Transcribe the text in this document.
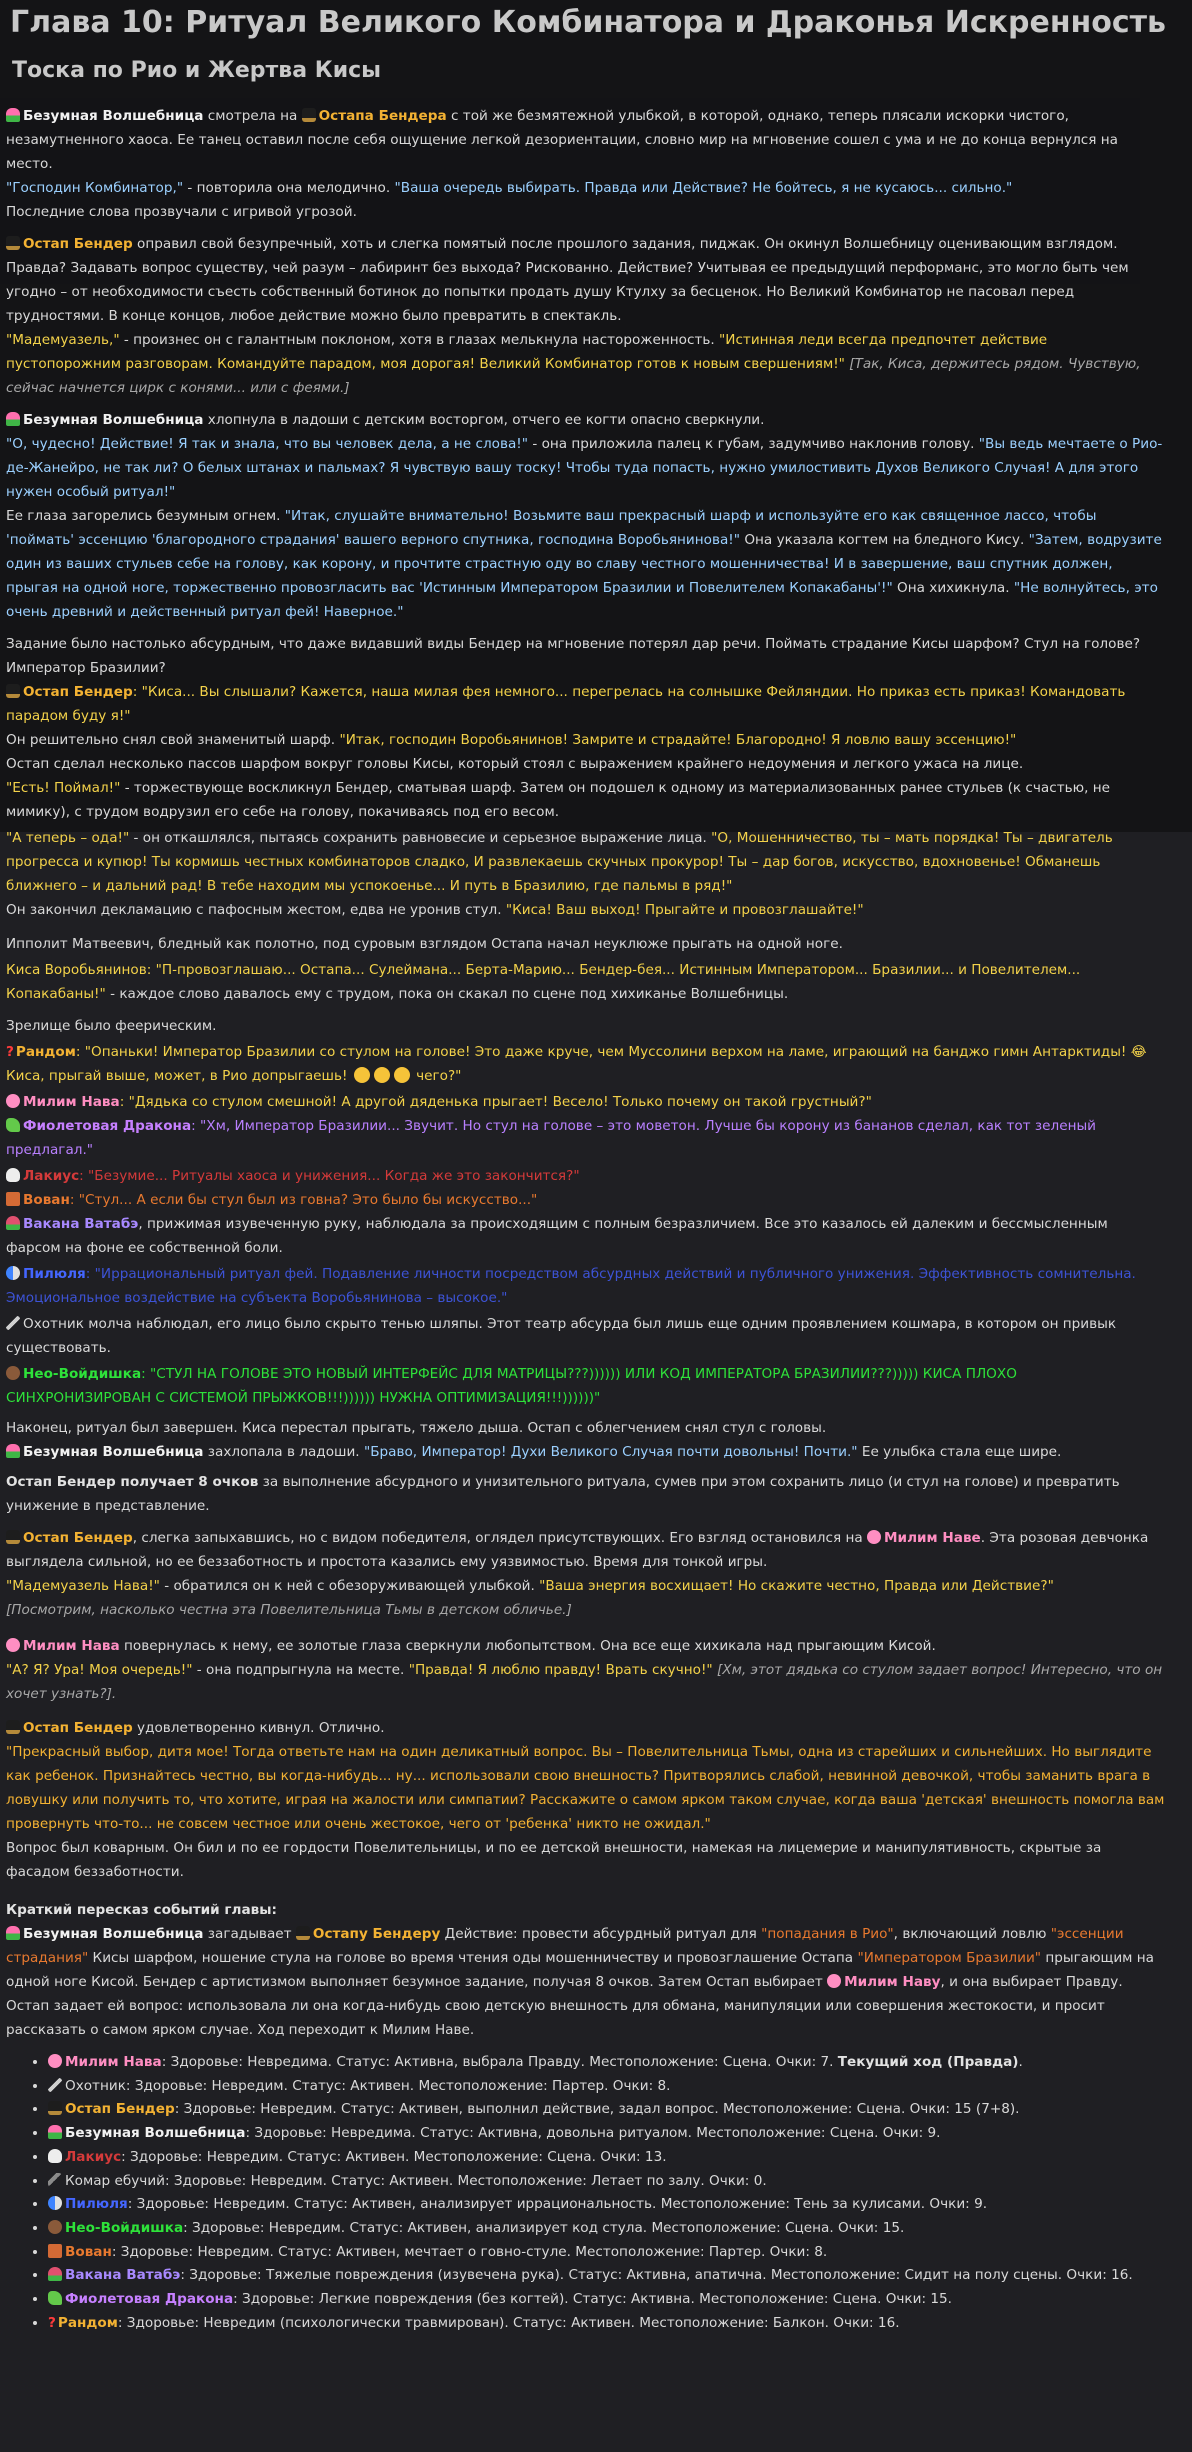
Глава 10: Ритуал Великого Комбинатора и Драконья Искренность
Тоска по Рио и Жертва Кисы

Безумная Волшебница смотрела на Остапа Бендера с той же безмятежной улыбкой, в которой, однако, теперь плясали искорки чистого, незамутненного хаоса. Ее танец оставил после себя ощущение легкой дезориентации, словно мир на мгновение сошел с ума и не до конца вернулся на место.
"Господин Комбинатор," - повторила она мелодично. "Ваша очередь выбирать. Правда или Действие? Не бойтесь, я не кусаюсь... сильно."
Последние слова прозвучали с игривой угрозой.

Остап Бендер оправил свой безупречный, хоть и слегка помятый после прошлого задания, пиджак. Он окинул Волшебницу оценивающим взглядом. Правда? Задавать вопрос существу, чей разум – лабиринт без выхода? Рискованно. Действие? Учитывая ее предыдущий перформанс, это могло быть чем угодно – от необходимости съесть собственный ботинок до попытки продать душу Ктулху за бесценок. Но Великий Комбинатор не пасовал перед трудностями. В конце концов, любое действие можно было превратить в спектакль.
"Мадемуазель," - произнес он с галантным поклоном, хотя в глазах мелькнула настороженность. "Истинная леди всегда предпочтет действие пустопорожним разговорам. Командуйте парадом, моя дорогая! Великий Комбинатор готов к новым свершениям!" [Так, Киса, держитесь рядом. Чувствую, сейчас начнется цирк с конями... или с феями.]

Безумная Волшебница хлопнула в ладоши с детским восторгом, отчего ее когти опасно сверкнули.
"О, чудесно! Действие! Я так и знала, что вы человек дела, а не слова!" - она приложила палец к губам, задумчиво наклонив голову. "Вы ведь мечтаете о Рио-де-Жанейро, не так ли? О белых штанах и пальмах? Я чувствую вашу тоску! Чтобы туда попасть, нужно умилостивить Духов Великого Случая! А для этого нужен особый ритуал!"
Ее глаза загорелись безумным огнем. "Итак, слушайте внимательно! Возьмите ваш прекрасный шарф и используйте его как священное лассо, чтобы 'поймать' эссенцию 'благородного страдания' вашего верного спутника, господина Воробьянинова!" Она указала когтем на бледного Кису. "Затем, водрузите один из ваших стульев себе на голову, как корону, и прочтите страстную оду во славу честного мошенничества! И в завершение, ваш спутник должен, прыгая на одной ноге, торжественно провозгласить вас 'Истинным Императором Бразилии и Повелителем Копакабаны'!" Она хихикнула. "Не волнуйтесь, это очень древний и действенный ритуал фей! Наверное."

Задание было настолько абсурдным, что даже видавший виды Бендер на мгновение потерял дар речи. Поймать страдание Кисы шарфом? Стул на голове? Император Бразилии?
Остап Бендер: "Киса... Вы слышали? Кажется, наша милая фея немного... перегрелась на солнышке Фейляндии. Но приказ есть приказ! Командовать парадом буду я!"
Он решительно снял свой знаменитый шарф. "Итак, господин Воробьянинов! Замрите и страдайте! Благородно! Я ловлю вашу эссенцию!"
Остап сделал несколько пассов шарфом вокруг головы Кисы, который стоял с выражением крайнего недоумения и легкого ужаса на лице.
"Есть! Поймал!" - торжествующе воскликнул Бендер, сматывая шарф. Затем он подошел к одному из материализованных ранее стульев (к счастью, не мимику), с трудом водрузил его себе на голову, покачиваясь под его весом.

"А теперь – ода!" - он откашлялся, пытаясь сохранить равновесие и серьезное выражение лица. "О, Мошенничество, ты – мать порядка! Ты – двигатель прогресса и купюр! Ты кормишь честных комбинаторов сладко, И развлекаешь скучных прокурор! Ты – дар богов, искусство, вдохновенье! Обманешь ближнего – и дальний рад! В тебе находим мы успокоенье... И путь в Бразилию, где пальмы в ряд!"
Он закончил декламацию с пафосным жестом, едва не уронив стул. "Киса! Ваш выход! Прыгайте и провозглашайте!"

Ипполит Матвеевич, бледный как полотно, под суровым взглядом Остапа начал неуклюже прыгать на одной ноге.

Киса Воробьянинов: "П-провозглашаю... Остапа... Сулеймана... Берта-Марию... Бендер-бея... Истинным Императором... Бразилии... и Повелителем... Копакабаны!" - каждое слово давалось ему с трудом, пока он скакал по сцене под хихиканье Волшебницы.

Зрелище было феерическим.

? Рандом: "Опаньки! Император Бразилии со стулом на голове! Это даже круче, чем Муссолини верхом на ламе, играющий на банджо гимн Антарктиды! 😂 Киса, прыгай выше, может, в Рио допрыгаешь!	чего?"

Милим Нава: "Дядька со стулом смешной! А другой дяденька прыгает! Весело! Только почему он такой грустный?"

Фиолетовая Дракона: "Хм, Император Бразилии... Звучит. Но стул на голове – это моветон. Лучше бы корону из бананов сделал, как тот зеленый предлагал."

Лакиус: "Безумие... Ритуалы хаоса и унижения... Когда же это закончится?"

Вован: "Стул... А если бы стул был из говна? Это было бы искусство..."

Вакана Ватабэ, прижимая изувеченную руку, наблюдала за происходящим с полным безразличием. Все это казалось ей далеким и бессмысленным фарсом на фоне ее собственной боли.

Пилюля: "Иррациональный ритуал фей. Подавление личности посредством абсурдных действий и публичного унижения. Эффективность сомнительна. Эмоциональное воздействие на субъекта Воробьянинова – высокое."

Охотник молча наблюдал, его лицо было скрыто тенью шляпы. Этот театр абсурда был лишь еще одним проявлением кошмара, в котором он привык существовать.

Нео-Войдишка: "СТУЛ НА ГОЛОВЕ ЭТО НОВЫЙ ИНТЕРФЕЙС ДЛЯ МАТРИЦЫ???)))))) ИЛИ КОД ИМПЕРАТОРА БРАЗИЛИИ???))))) КИСА ПЛОХО СИНХРОНИЗИРОВАН С СИСТЕМОЙ ПРЫЖКОВ!!!)))))) НУЖНА ОПТИМИЗАЦИЯ!!!))))))"

Наконец, ритуал был завершен. Киса перестал прыгать, тяжело дыша. Остап с облегчением снял стул с головы.
Безумная Волшебница захлопала в ладоши. "Браво, Император! Духи Великого Случая почти довольны! Почти." Ее улыбка стала еще шире.

Остап Бендер получает 8 очков за выполнение абсурдного и унизительного ритуала, сумев при этом сохранить лицо (и стул на голове) и превратить унижение в представление.

Остап Бендер, слегка запыхавшись, но с видом победителя, оглядел присутствующих. Его взгляд остановился на Милим Наве. Эта розовая девчонка выглядела сильной, но ее беззаботность и простота казались ему уязвимостью. Время для тонкой игры.
"Мадемуазель Нава!" - обратился он к ней с обезоруживающей улыбкой. "Ваша энергия восхищает! Но скажите честно, Правда или Действие?"
[Посмотрим, насколько честна эта Повелительница Тьмы в детском обличье.]

Милим Нава повернулась к нему, ее золотые глаза сверкнули любопытством. Она все еще хихикала над прыгающим Кисой.
"А? Я? Ура! Моя очередь!" - она подпрыгнула на месте. "Правда! Я люблю правду! Врать скучно!" [Хм, этот дядька со стулом задает вопрос! Интересно, что он хочет узнать?].

Остап Бендер удовлетворенно кивнул. Отлично.
"Прекрасный выбор, дитя мое! Тогда ответьте нам на один деликатный вопрос. Вы – Повелительница Тьмы, одна из старейших и сильнейших. Но выглядите как ребенок. Признайтесь честно, вы когда-нибудь... ну... использовали свою внешность? Притворялись слабой, невинной девочкой, чтобы заманить врага в ловушку или получить то, что хотите, играя на жалости или симпатии? Расскажите о самом ярком таком случае, когда ваша 'детская' внешность помогла вам провернуть что-то... не совсем честное или очень жестокое, чего от 'ребенка' никто не ожидал."
Вопрос был коварным. Он бил и по ее гордости Повелительницы, и по ее детской внешности, намекая на лицемерие и манипулятивность, скрытые за фасадом беззаботности.

Краткий пересказ событий главы:

Безумная Волшебница загадывает Остапу Бендеру Действие: провести абсурдный ритуал для "попадания в Рио", включающий ловлю "эссенции страдания" Кисы шарфом, ношение стула на голове во время чтения оды мошенничеству и провозглашение Остапа "Императором Бразилии" прыгающим на одной ноге Кисой. Бендер с артистизмом выполняет безумное задание, получая 8 очков. Затем Остап выбирает Милим Наву, и она выбирает Правду. Остап задает ей вопрос: использовала ли она когда-нибудь свою детскую внешность для обмана, манипуляции или совершения жестокости, и просит рассказать о самом ярком случае. Ход переходит к Милим Наве.

• Милим Нава: Здоровье: Невредима. Статус: Активна, выбрала Правду. Местоположение: Сцена. Очки: 7. Текущий ход (Правда).
• Охотник: Здоровье: Невредим. Статус: Активен. Местоположение: Партер. Очки: 8.
• Остап Бендер: Здоровье: Невредим. Статус: Активен, выполнил действие, задал вопрос. Местоположение: Сцена. Очки: 15 (7+8).
• Безумная Волшебница: Здоровье: Невредима. Статус: Активна, довольна ритуалом. Местоположение: Сцена. Очки: 9.
• Лакиус: Здоровье: Невредим. Статус: Активен. Местоположение: Сцена. Очки: 13.
• Комар ебучий: Здоровье: Невредим. Статус: Активен. Местоположение: Летает по залу. Очки: 0.
• Пилюля: Здоровье: Невредим. Статус: Активен, анализирует иррациональность. Местоположение: Тень за кулисами. Очки: 9.
• Нео-Войдишка: Здоровье: Невредим. Статус: Активен, анализирует код стула. Местоположение: Сцена. Очки: 15.
• Вован: Здоровье: Невредим. Статус: Активен, мечтает о говно-стуле. Местоположение: Партер. Очки: 8.
• Вакана Ватабэ: Здоровье: Тяжелые повреждения (изувечена рука). Статус: Активна, апатична. Местоположение: Сидит на полу сцены. Очки: 16.
• Фиолетовая Дракона: Здоровье: Легкие повреждения (без когтей). Статус: Активна. Местоположение: Сцена. Очки: 15.
• ? Рандом: Здоровье: Невредим (психологически травмирован). Статус: Активен. Местоположение: Балкон. Очки: 16.
